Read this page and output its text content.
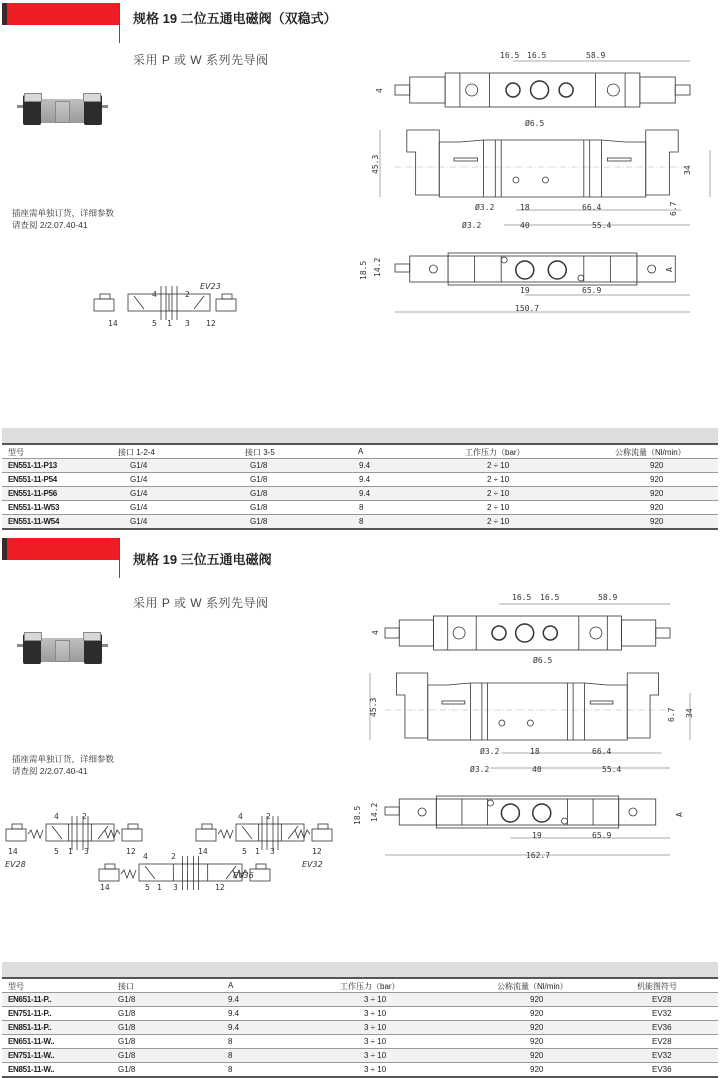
规格 19 二位五通电磁阀（双稳式）
采用 P 或 W 系列先导阀
插座需单独订货，详细参数
请查阅 2/2.07.40-41
EV23
4	2
5 1 3
14	12
16.5 16.5	58.9
4
Ø6.5
45.3	34
6.7
Ø3.2	18	66.4
Ø3.2	40	55.4
18.5 14.2	A
19	65.9
150.7
型号	接口 1-2-4	接口 3-5	A	工作压力（bar）	公称流量（Nl/min）
EN551-11-P13	G1/4	G1/8	9.4	2 ÷ 10	920
EN551-11-P54	G1/4	G1/8	9.4	2 ÷ 10	920
EN551-11-P56	G1/4	G1/8	9.4	2 ÷ 10	920
EN551-11-W53	G1/4	G1/8	8	2 ÷ 10	920
EN551-11-W54	G1/4	G1/8	8	2 ÷ 10	920
规格 19 三位五通电磁阀
采用 P 或 W 系列先导阀
插座需单独订货，详细参数
请查阅 2/2.07.40-41
EV28
4	2
5 1 3
14	12
EV32
4	2
5 1 3
14	12
EV36
4	2
5 1 3
14	12
16.5 16.5	58.9
4
Ø6.5
45.3	6.7 34
Ø3.2	18	66.4
Ø3.2	40	55.4
18.5 14.2	A
19	65.9
162.7
型号	接口	A	工作压力（bar）	公称流量（Nl/min）	机能图符号
EN651-11-P..	G1/8	9.4	3 ÷ 10	920	EV28
EN751-11-P..	G1/8	9.4	3 ÷ 10	920	EV32
EN851-11-P..	G1/8	9.4	3 ÷ 10	920	EV36
EN651-11-W..	G1/8	8	3 ÷ 10	920	EV28
EN751-11-W..	G1/8	8	3 ÷ 10	920	EV32
EN851-11-W..	G1/8	8	3 ÷ 10	920	EV36
